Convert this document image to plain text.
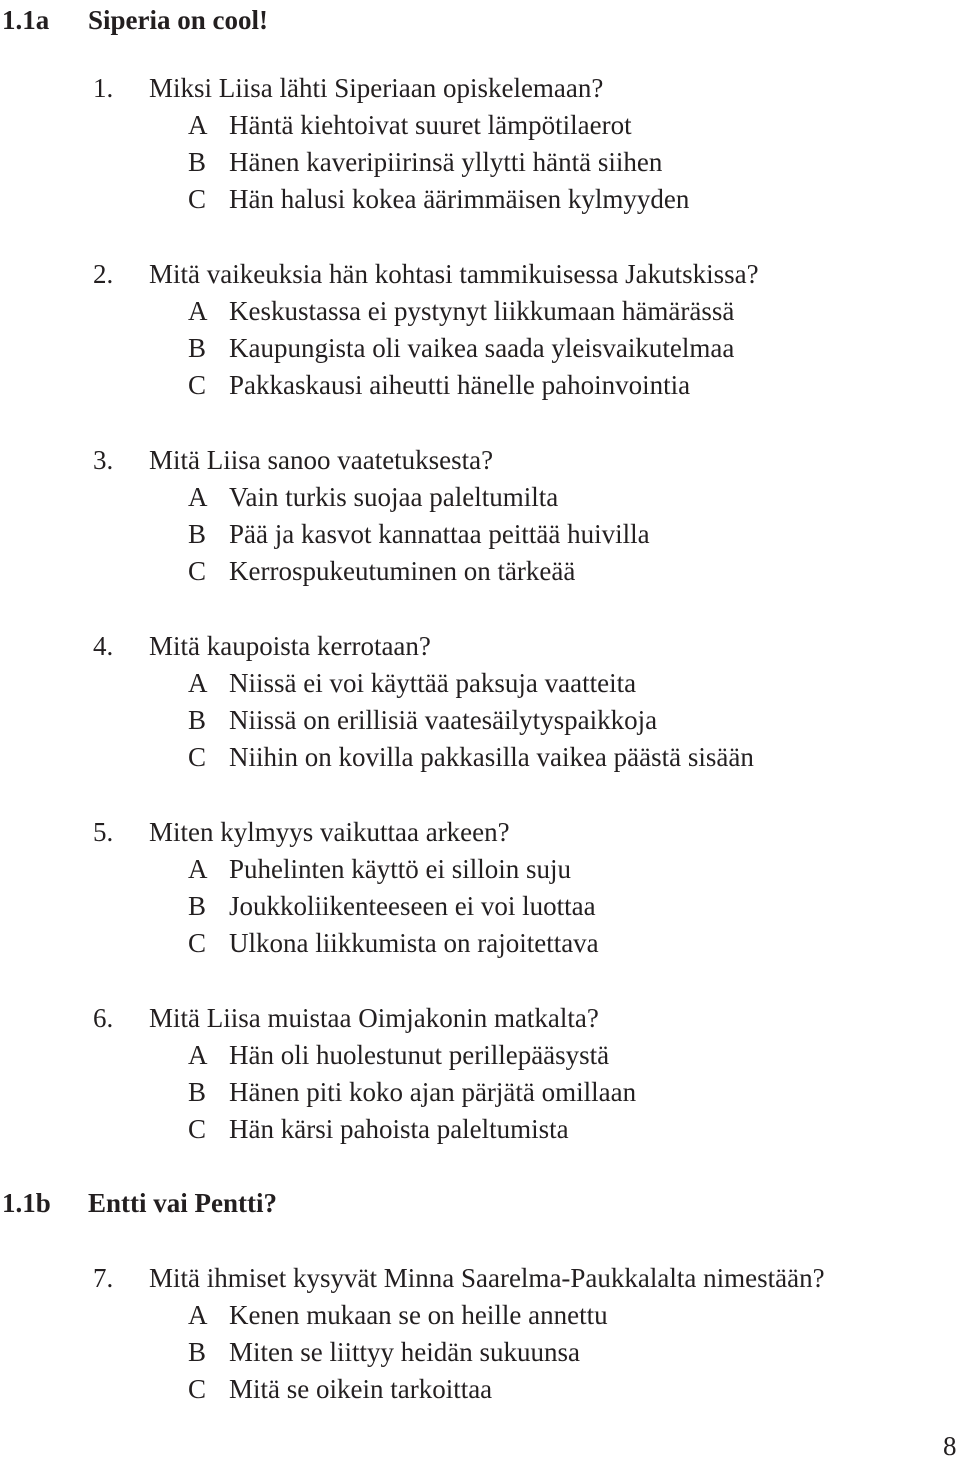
1.1a Siperia on cool!
1. Miksi Liisa lähti Siperiaan opiskelemaan?
A Häntä kiehtoivat suuret lämpötilaerot
B Hänen kaveripiirinsä yllytti häntä siihen
C Hän halusi kokea äärimmäisen kylmyyden
2. Mitä vaikeuksia hän kohtasi tammikuisessa Jakutskissa?
A Keskustassa ei pystynyt liikkumaan hämärässä
B Kaupungista oli vaikea saada yleisvaikutelmaa
C Pakkaskausi aiheutti hänelle pahoinvointia
3. Mitä Liisa sanoo vaatetuksesta?
A Vain turkis suojaa paleltumilta
B Pää ja kasvot kannattaa peittää huivilla
C Kerrospukeutuminen on tärkeää
4. Mitä kaupoista kerrotaan?
A Niissä ei voi käyttää paksuja vaatteita
B Niissä on erillisiä vaatesäilytyspaikkoja
C Niihin on kovilla pakkasilla vaikea päästä sisään
5. Miten kylmyys vaikuttaa arkeen?
A Puhelinten käyttö ei silloin suju
B Joukkoliikenteeseen ei voi luottaa
C Ulkona liikkumista on rajoitettava
6. Mitä Liisa muistaa Oimjakonin matkalta?
A Hän oli huolestunut perillepääsystä
B Hänen piti koko ajan pärjätä omillaan
C Hän kärsi pahoista paleltumista
1.1b Entti vai Pentti?
7. Mitä ihmiset kysyvät Minna Saarelma-Paukkalalta nimestään?
A Kenen mukaan se on heille annettu
B Miten se liittyy heidän sukuunsa
C Mitä se oikein tarkoittaa
8
